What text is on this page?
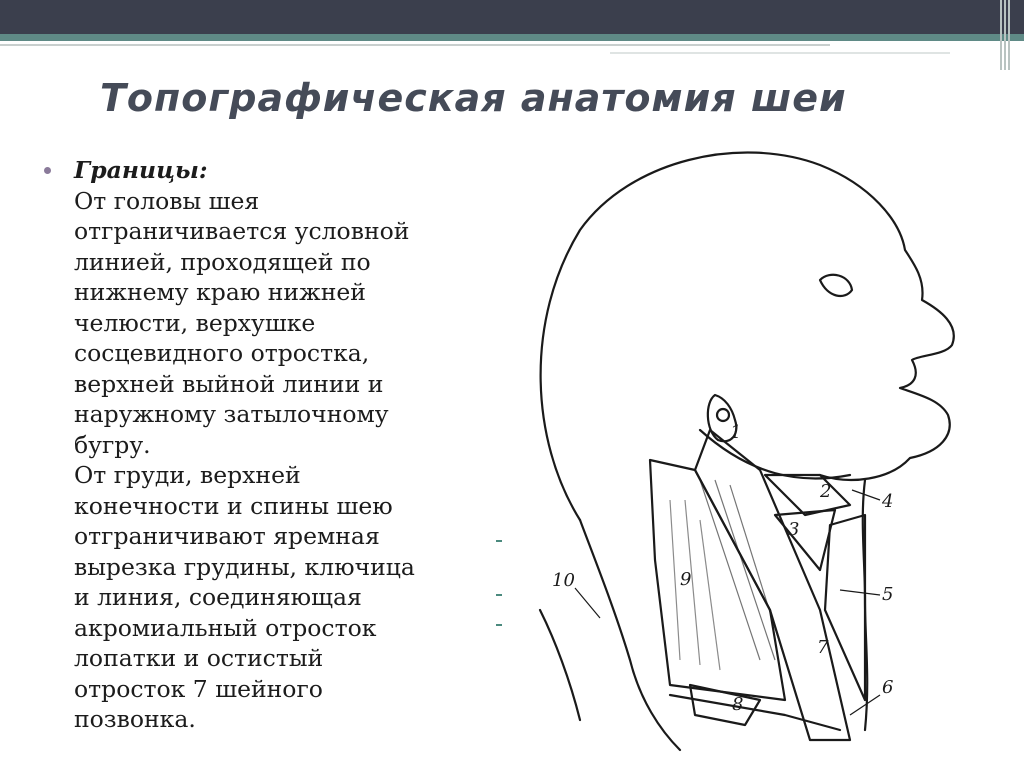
Топографическая анатомия шеи
Границы:
От головы шея
отграничивается условной
линией, проходящей по
нижнему краю нижней
челюсти, верхушке
сосцевидного отростка,
верхней выйной линии и
наружному затылочному
бугру.
От груди, верхней
конечности и спины шею
отграничивают яремная
вырезка грудины, ключица
и линия, соединяющая
акромиальный отросток
лопатки и остистый
отросток 7 шейного
позвонка.
1
2
3
4
5
6
7
8
9
10
